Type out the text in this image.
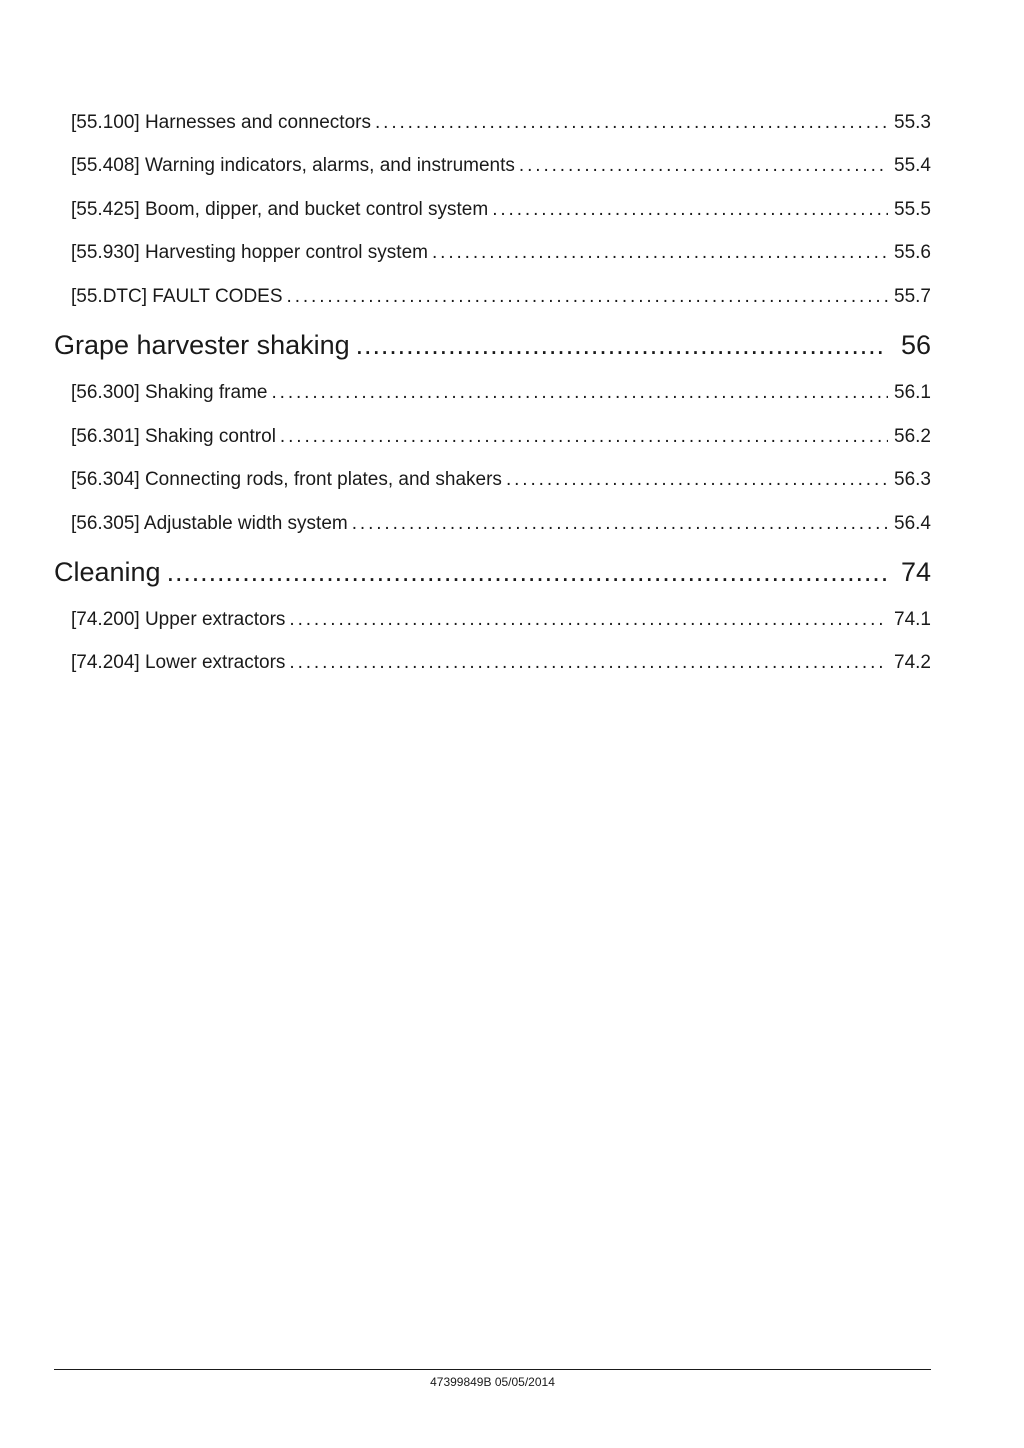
[55.100] Harnesses and connectors .....	55.3
[55.408] Warning indicators, alarms, and instruments .....	55.4
[55.425] Boom, dipper, and bucket control system .....	55.5
[55.930] Harvesting hopper control system .....	55.6
[55.DTC] FAULT CODES .....	55.7
Grape harvester shaking .....	56
[56.300] Shaking frame .....	56.1
[56.301] Shaking control .....	56.2
[56.304] Connecting rods, front plates, and shakers .....	56.3
[56.305] Adjustable width system .....	56.4
Cleaning .....	74
[74.200] Upper extractors .....	74.1
[74.204] Lower extractors .....	74.2
47399849B 05/05/2014
